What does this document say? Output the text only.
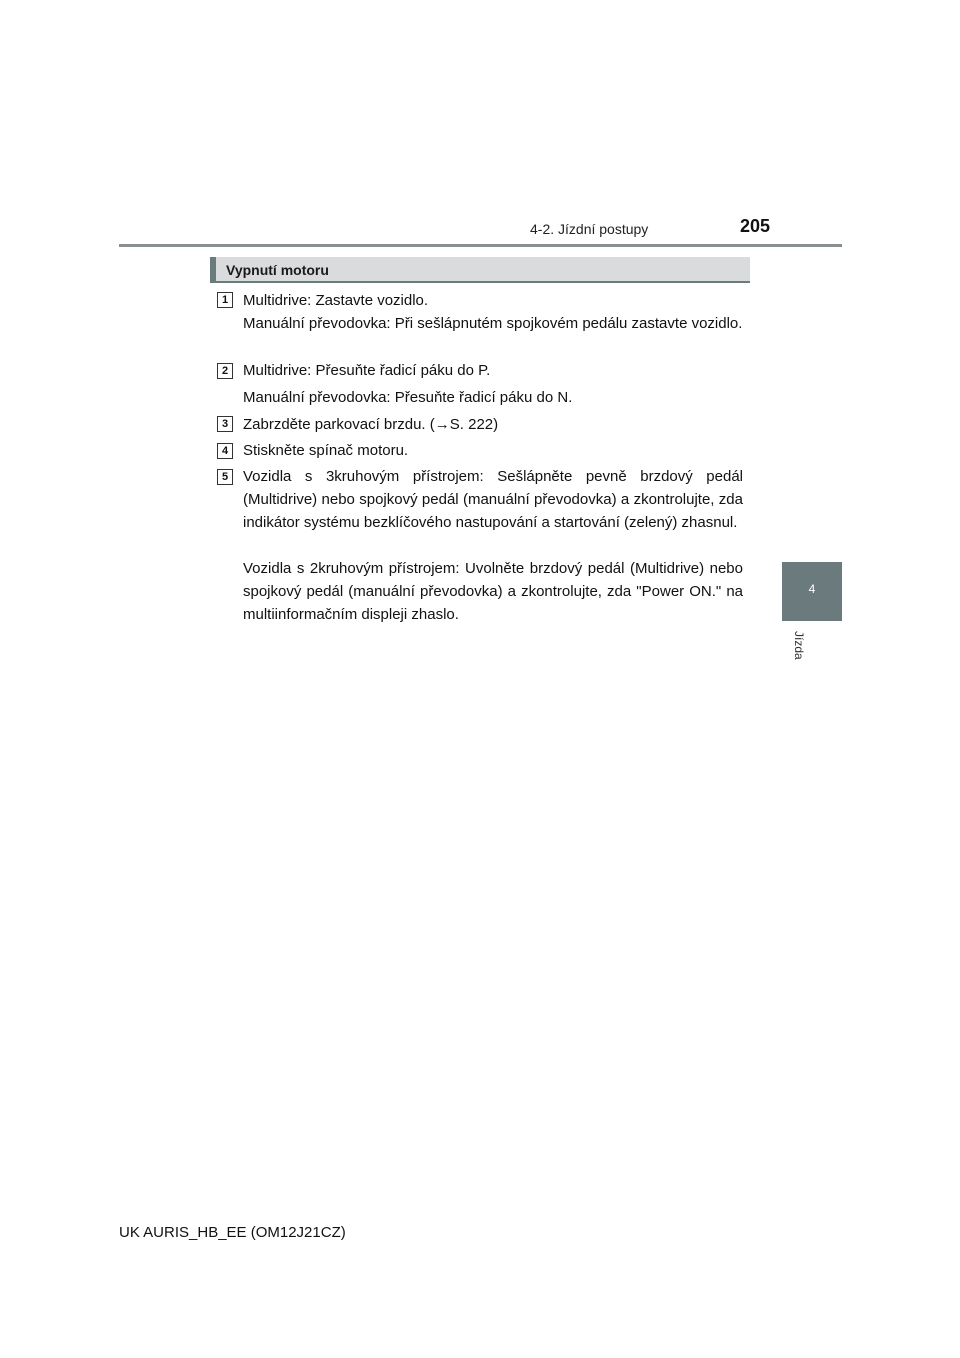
4-2. Jízdní postupy	205
4
Jízda
Vypnutí motoru
1 Multidrive: Zastavte vozidlo.
Manuální převodovka: Při sešlápnutém spojkovém pedálu zastavte vozidlo.
2 Multidrive: Přesuňte řadicí páku do P.
Manuální převodovka: Přesuňte řadicí páku do N.
3 Zabrzděte parkovací brzdu. (→S. 222)
4 Stiskněte spínač motoru.
5 Vozidla s 3kruhovým přístrojem: Sešlápněte pevně brzdový pedál (Multidrive) nebo spojkový pedál (manuální převodovka) a zkontrolujte, zda indikátor systému bezklíčového nastupování a startování (zelený) zhasnul.
Vozidla s 2kruhovým přístrojem: Uvolněte brzdový pedál (Multidrive) nebo spojkový pedál (manuální převodovka) a zkontrolujte, zda "Power ON." na multiinformačním displeji zhaslo.
UK AURIS_HB_EE (OM12J21CZ)
